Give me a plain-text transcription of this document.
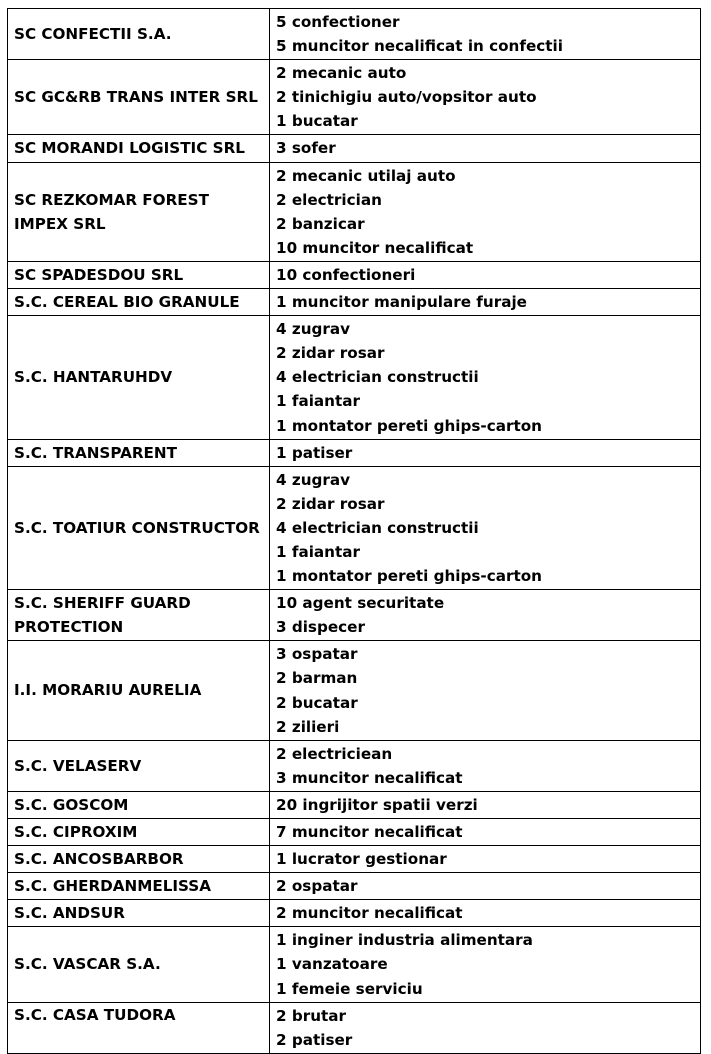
SC CONFECTII S.A.	5 confectioner
5 muncitor necalificat in confectii

SC GC&RB TRANS INTER SRL	2 mecanic auto
2 tinichigiu auto/vopsitor auto
1 bucatar

SC MORANDI LOGISTIC SRL	3 sofer

SC REZKOMAR FOREST IMPEX SRL	2 mecanic utilaj auto
2 electrician
2 banzicar
10 muncitor necalificat

SC SPADESDOU SRL	10 confectioneri

S.C. CEREAL BIO GRANULE	1 muncitor manipulare furaje

S.C. HANTARUHDV	4 zugrav
2 zidar rosar
4 electrician constructii
1 faiantar
1 montator pereti ghips-carton

S.C. TRANSPARENT	1 patiser

S.C. TOATIUR CONSTRUCTOR	4 zugrav
2 zidar rosar
4 electrician constructii
1 faiantar
1 montator pereti ghips-carton

S.C. SHERIFF GUARD PROTECTION	10 agent securitate
3 dispecer

I.I. MORARIU AURELIA	3 ospatar
2 barman
2 bucatar
2 zilieri

S.C. VELASERV	2 electriciean
3 muncitor necalificat

S.C. GOSCOM	20 ingrijitor spatii verzi

S.C. CIPROXIM	7 muncitor necalificat

S.C. ANCOSBARBOR	1 lucrator gestionar

S.C. GHERDANMELISSA	2 ospatar

S.C. ANDSUR	2 muncitor necalificat

S.C. VASCAR S.A.	1 inginer industria alimentara
1 vanzatoare
1 femeie serviciu

S.C. CASA TUDORA	2 brutar
2 patiser
